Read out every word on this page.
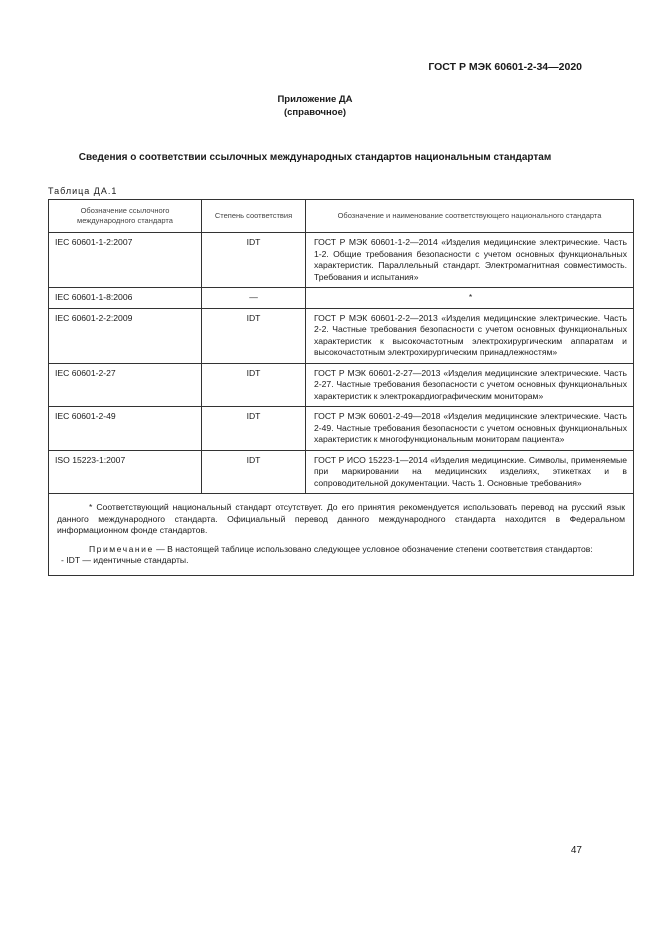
ГОСТ Р МЭК 60601-2-34—2020
Приложение ДА
(справочное)
Сведения о соответствии ссылочных международных стандартов национальным стандартам
Таблица ДА.1
Обозначение ссылочного международного стандарта	Степень соответствия	Обозначение и наименование соответствующего национального стандарта
IEC 60601-1-2:2007	IDT	ГОСТ Р МЭК 60601-1-2—2014 «Изделия медицинские электрические. Часть 1-2. Общие требования безопасности с учетом основных функциональных характеристик. Параллельный стандарт. Электромагнитная совместимость. Требования и испытания»
IEC 60601-1-8:2006	—	*
IEC 60601-2-2:2009	IDT	ГОСТ Р МЭК 60601-2-2—2013 «Изделия медицинские электрические. Часть 2-2. Частные требования безопасности с учетом основных функциональных характеристик к высокочастотным электрохирургическим аппаратам и высокочастотным электрохирургическим принадлежностям»
IEC 60601-2-27	IDT	ГОСТ Р МЭК 60601-2-27—2013 «Изделия медицинские электрические. Часть 2-27. Частные требования безопасности с учетом основных функциональных характеристик к электрокардиографическим мониторам»
IEC 60601-2-49	IDT	ГОСТ Р МЭК 60601-2-49—2018 «Изделия медицинские электрические. Часть 2-49. Частные требования безопасности с учетом основных функциональных характеристик к многофункциональным мониторам пациента»
ISO 15223-1:2007	IDT	ГОСТ Р ИСО 15223-1—2014 «Изделия медицинские. Символы, применяемые при маркировании на медицинских изделиях, этикетках и в сопроводительной документации. Часть 1. Основные требования»

* Соответствующий национальный стандарт отсутствует. До его принятия рекомендуется использовать перевод на русский язык данного международного стандарта. Официальный перевод данного международного стандарта находится в Федеральном информационном фонде стандартов.

Примечание — В настоящей таблице использовано следующее условное обозначение степени соответствия стандартов:

- IDT — идентичные стандарты.		

47
